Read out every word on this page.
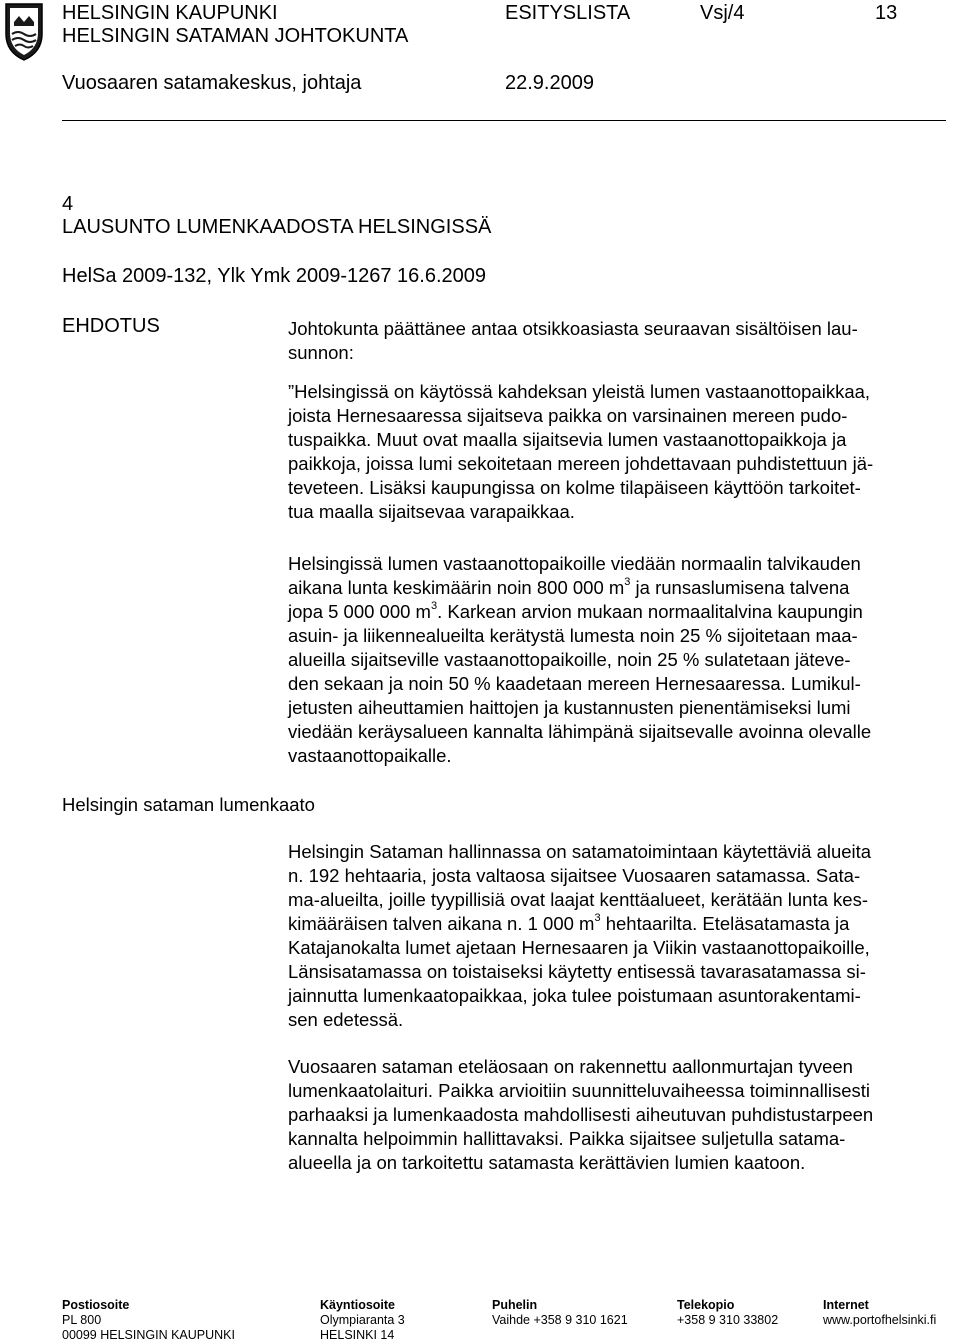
HELSINGIN KAUPUNKI
HELSINGIN SATAMAN JOHTOKUNTA
ESITYSLISTA	Vsj/4	13
Vuosaaren satamakeskus, johtaja	22.9.2009
4
LAUSUNTO LUMENKAADOSTA HELSINGISSÄ
HelSa 2009-132, Ylk Ymk 2009-1267 16.6.2009
EHDOTUS
Helsingin sataman lumenkaato
Johtokunta päättänee antaa otsikkoasiasta seuraavan sisältöisen lau-
sunnon:
”Helsingissä on käytössä kahdeksan yleistä lumen vastaanottopaikkaa,
joista Hernesaaressa sijaitseva paikka on varsinainen mereen pudo-
tuspaikka. Muut ovat maalla sijaitsevia lumen vastaanottopaikkoja ja
paikkoja, joissa lumi sekoitetaan mereen johdettavaan puhdistettuun jä-
teveteen. Lisäksi kaupungissa on kolme tilapäiseen käyttöön tarkoitet-
tua maalla sijaitsevaa varapaikkaa.
Helsingissä lumen vastaanottopaikoille viedään normaalin talvikauden
aikana lunta keskimäärin noin 800 000 $m^3$ ja runsaslumisena talvena
jopa 5 000 000 $m^3$. Karkean arvion mukaan normaalitalvina kaupungin
asuin- ja liikennealueilta kerätystä lumesta noin 25 % sijoitetaan maa-
alueilla sijaitseville vastaanottopaikoille, noin 25 % sulatetaan jäteve-
den sekaan ja noin 50 % kaadetaan mereen Hernesaaressa. Lumikul-
jetusten aiheuttamien haittojen ja kustannusten pienentämiseksi lumi
viedään keräysalueen kannalta lähimpänä sijaitsevalle avoinna olevalle
vastaanottopaikalle.
Helsingin Sataman hallinnassa on satamatoimintaan käytettäviä alueita
n. 192 hehtaaria, josta valtaosa sijaitsee Vuosaaren satamassa. Sata-
ma-alueilta, joille tyypillisiä ovat laajat kenttäalueet, kerätään lunta kes-
kimääräisen talven aikana n. 1 000 $m^3$ hehtaarilta. Eteläsatamasta ja
Katajanokalta lumet ajetaan Hernesaaren ja Viikin vastaanottopaikoille,
Länsisatamassa on toistaiseksi käytetty entisessä tavarasatamassa si-
jainnutta lumenkaatopaikkaa, joka tulee poistumaan asuntorakentami-
sen edetessä.
Vuosaaren sataman eteläosaan on rakennettu aallonmurtajan tyveen
lumenkaatolaituri. Paikka arvioitiin suunnitteluvaiheessa toiminnallisesti
parhaaksi ja lumenkaadosta mahdollisesti aiheutuvan puhdistustarpeen
kannalta helpoimmin hallittavaksi. Paikka sijaitsee suljetulla satama-
alueella ja on tarkoitettu satamasta kerättävien lumien kaatoon.
Postiosoite
PL 800
00099 HELSINGIN KAUPUNKI
Käyntiosoite
Olympiaranta 3
HELSINKI 14
Puhelin
Vaihde +358 9 310 1621
Telekopio
+358 9 310 33802
Internet
www.portofhelsinki.fi
